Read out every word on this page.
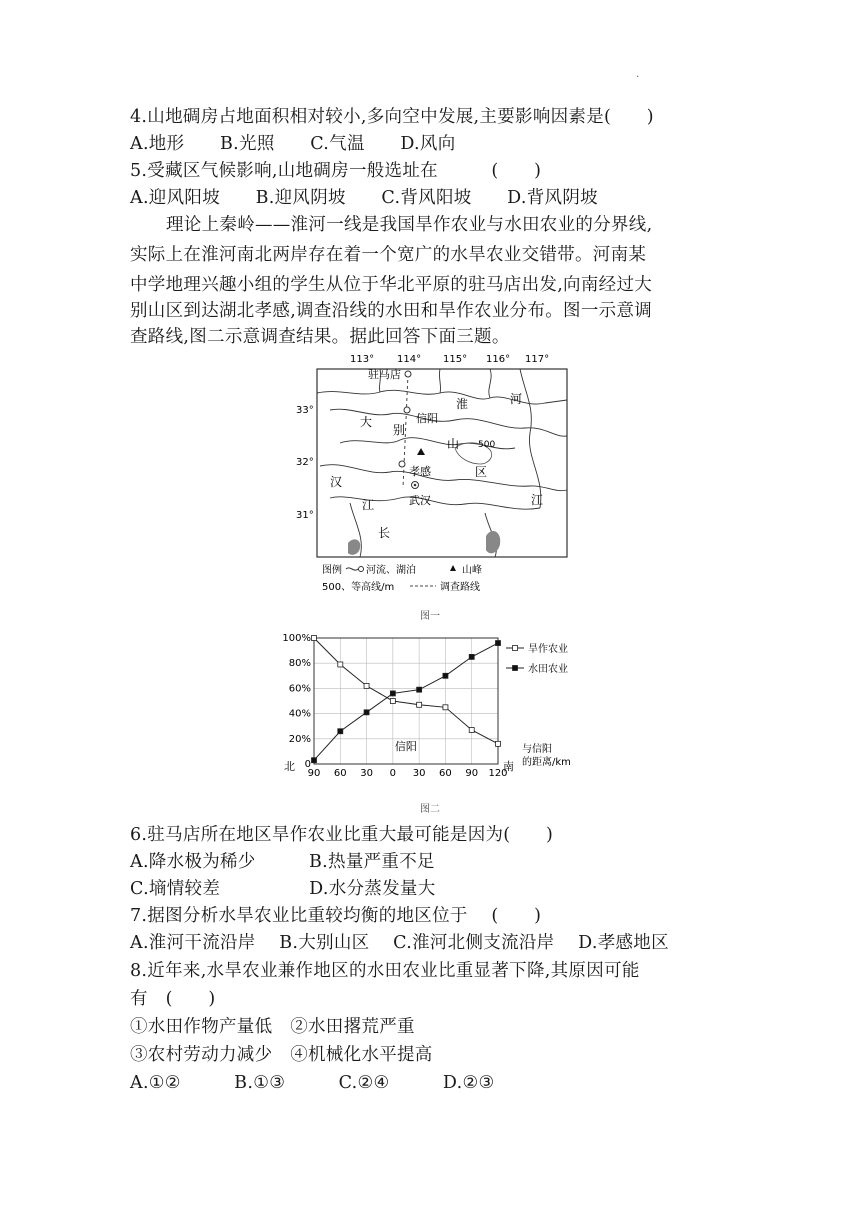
·
4.山地碉房占地面积相对较小,多向空中发展,主要影响因素是(　　)
A.地形　　B.光照　　C.气温　　D.风向
5.受藏区气候影响,山地碉房一般选址在　　　(　　)
A.迎风阳坡　　B.迎风阴坡　　C.背风阳坡　　D.背风阴坡
理论上秦岭——淮河一线是我国旱作农业与水田农业的分界线,
实际上在淮河南北两岸存在着一个宽广的水旱农业交错带。河南某
中学地理兴趣小组的学生从位于华北平原的驻马店出发,向南经过大
别山区到达湖北孝感,调查沿线的水田和旱作农业分布。图一示意调
查路线,图二示意调查结果。据此回答下面三题。
113° 114° 115° 116° 117°
33°
32°
31°
驻马店
信阳
孝感
武汉
500
大
别
山
区
淮	河
汉
江	江
长
图例 河流、湖泊	山峰
500、等高线/m	调查路线
图一
0
20%
40%
60%
80%
100%
90 60 30 0 30 60 90 120
北	南
信阳	与信阳
的距离/km
旱作农业
水田农业
图二
6.驻马店所在地区旱作农业比重大最可能是因为(　　)
A.降水极为稀少　　　B.热量严重不足
C.墒情较差　　　　　D.水分蒸发量大
7.据图分析水旱农业比重较均衡的地区位于　 (　　)
A.淮河干流沿岸　 B.大别山区　 C.淮河北侧支流沿岸　 D.孝感地区
8.近年来,水旱农业兼作地区的水田农业比重显著下降,其原因可能
有　(　　)
①水田作物产量低　②水田撂荒严重
③农村劳动力减少　④机械化水平提高
A.①②　　　B.①③　　　C.②④　　　D.②③
